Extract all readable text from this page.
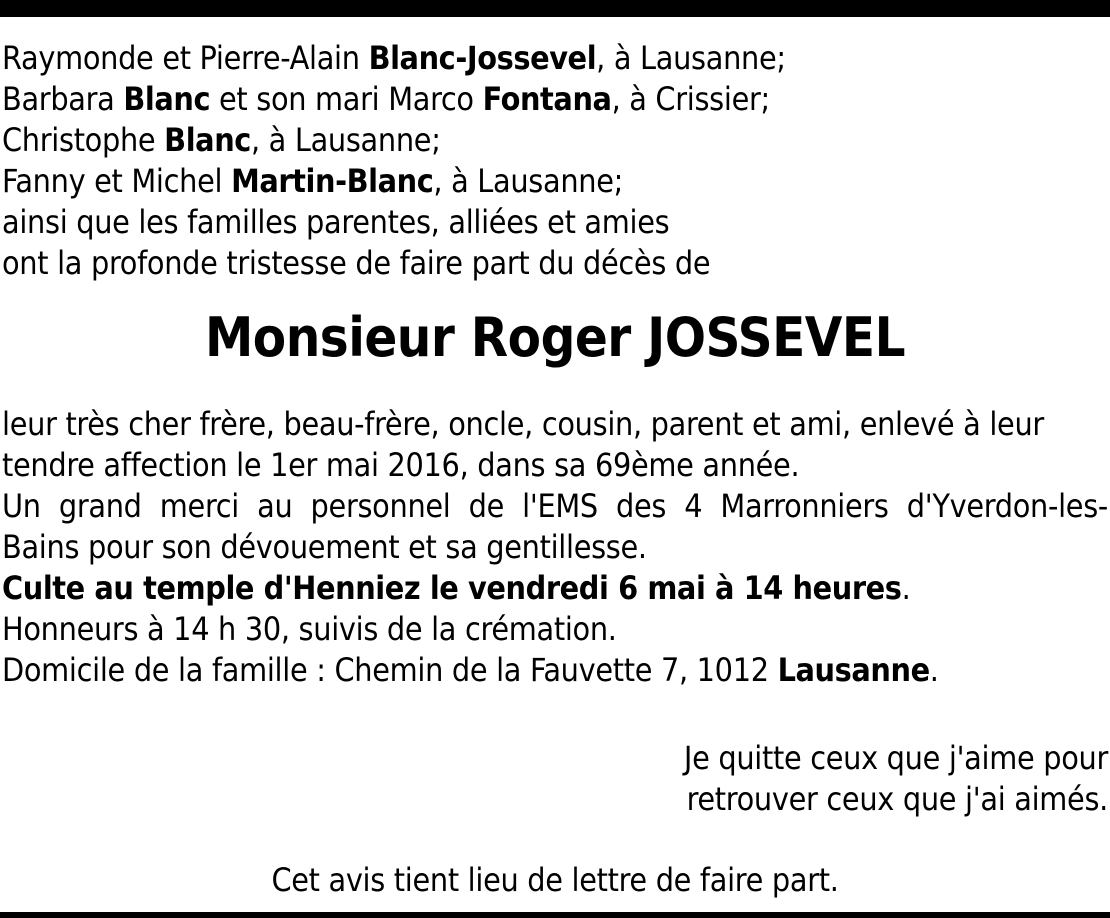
Raymonde et Pierre-Alain Blanc-Jossevel, à Lausanne;
Barbara Blanc et son mari Marco Fontana, à Crissier;
Christophe Blanc, à Lausanne;
Fanny et Michel Martin-Blanc, à Lausanne;
ainsi que les familles parentes, alliées et amies
ont la profonde tristesse de faire part du décès de
Monsieur Roger JOSSEVEL
leur très cher frère, beau-frère, oncle, cousin, parent et ami, enlevé à leur
tendre affection le 1er mai 2016, dans sa 69ème année.
Un grand merci au personnel de l'EMS des 4 Marronniers d'Yverdon-les-
Bains pour son dévouement et sa gentillesse.
Culte au temple d'Henniez le vendredi 6 mai à 14 heures.
Honneurs à 14 h 30, suivis de la crémation.
Domicile de la famille : Chemin de la Fauvette 7, 1012 Lausanne.
Je quitte ceux que j'aime pour
retrouver ceux que j'ai aimés.
Cet avis tient lieu de lettre de faire part.
